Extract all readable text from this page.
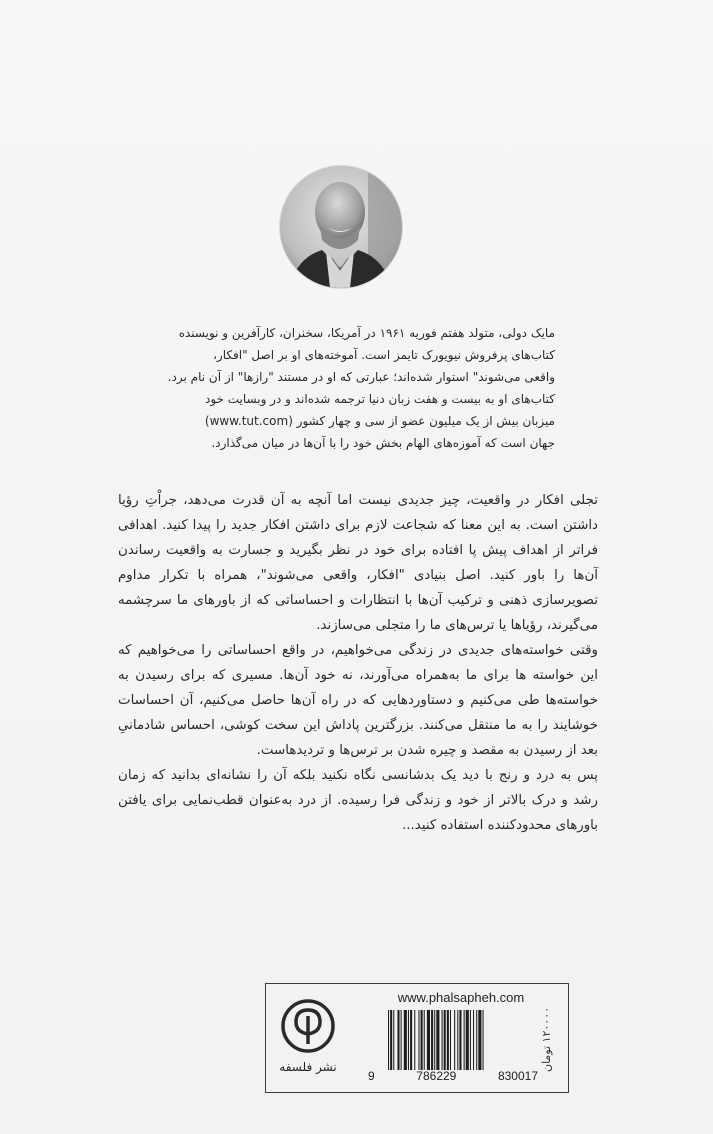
مایک دولی، متولد هفتم فوریه ۱۹۶۱ در آمریکا، سخنران، کارآفرین و نویسنده

کتاب‌های پرفروش نیویورک تایمز است. آموخته‌های او بر اصل "افکار،

واقعی می‌شوند" استوار شده‌اند؛ عبارتی که او در مستند "رازها" از آن نام برد.

کتاب‌های او به بیست و هفت زبان دنیا ترجمه شده‌اند و در وبسایت خود

میزبان بیش از یک میلیون عضو از سی و چهار کشور (www.tut.com)

جهان است که آموزه‌های الهام بخش خود را با آن‌ها در میان می‌گذارد.

تجلی افکار در واقعیت، چیز جدیدی نیست اما آنچه به آن قدرت می‌دهد، جراْتِ رؤیا داشتن است. به این معنا که شجاعت لازم برای داشتن افکار جدید را پیدا کنید. اهدافی فراتر از اهداف پیش پا افتاده برای خود در نظر بگیرید و جسارت به واقعیت رساندن آن‌ها را باور کنید. اصل بنیادی "افکار، واقعی می‌شوند"، همراه با تکرار مداوم تصویرسازی ذهنی و ترکیب آن‌ها با انتظارات و احساساتی که از باورهای ما سرچشمه می‌گیرند، رؤیاها یا ترس‌های ما را متجلی می‌سازند.

وقتی خواسته‌های جدیدی در زندگی می‌خواهیم، در واقع احساساتی را می‌خواهیم که این خواسته ها برای ما به‌همراه می‌آورند، نه خود آن‌ها. مسیری که برای رسیدن به خواسته‌ها طی می‌کنیم و دستاوردهایی که در راه آن‌ها حاصل می‌کنیم، آن احساسات خوشایند را به ما منتقل می‌کنند. بزرگترین پاداش این سخت کوشی، احساس شادمانیِ بعد از رسیدن به مقصد و چیره شدن بر ترس‌ها و تردیدهاست.

پس به درد و رنج با دید یک بدشانسی نگاه نکنید بلکه آن را نشانه‌ای بدانید که زمان رشد و درک بالاتر از خود و زندگی فرا رسیده. از درد به‌عنوان قطب‌نمایی برای یافتن باورهای محدودکننده استفاده کنید...

۱۲۰۰۰۰ تومان
www.phalsapheh.com
9	786229	830017
نشر فلسفه
